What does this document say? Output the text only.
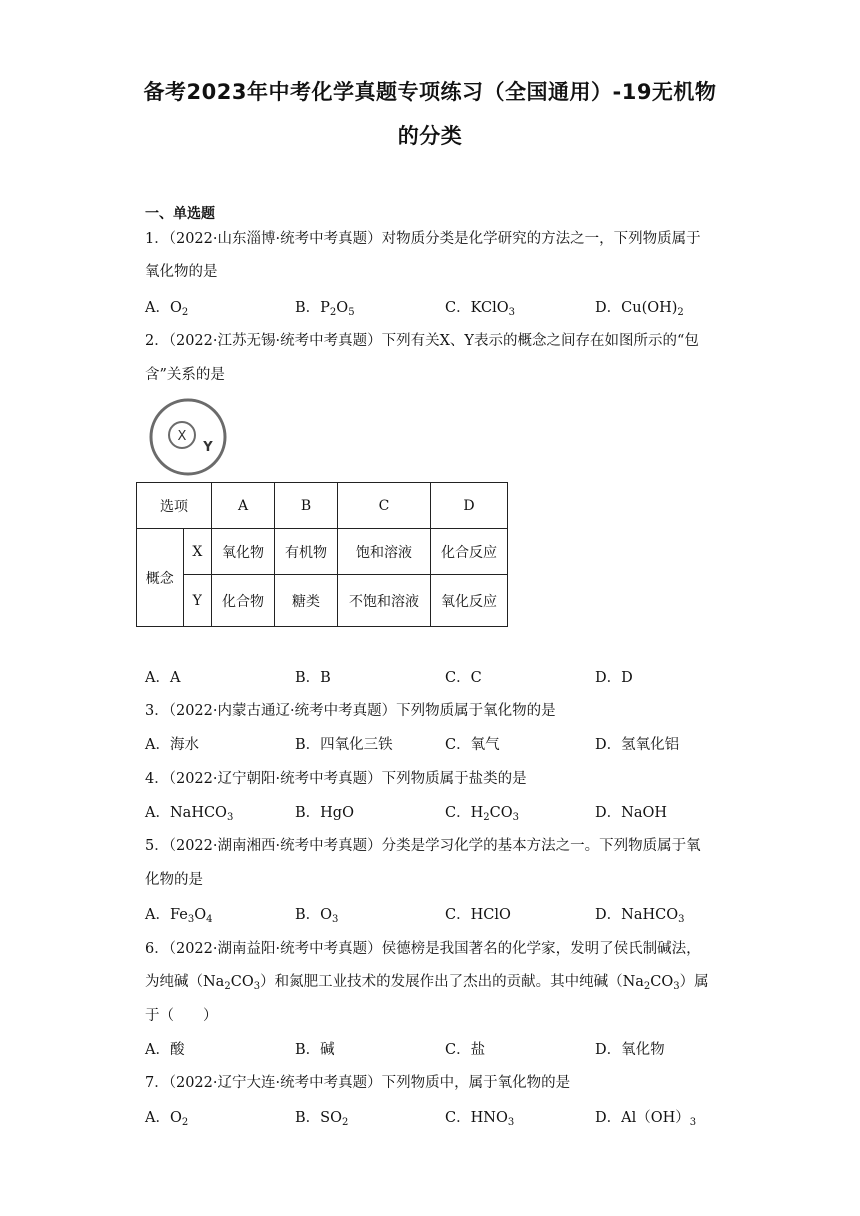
备考2023年中考化学真题专项练习（全国通用）-19无机物
的分类
一、单选题
1．（2022·山东淄博·统考中考真题）对物质分类是化学研究的方法之一，下列物质属于
氧化物的是
A．$O_2$	B．$P_2O_5$	C．KClO$_3$	D．$Cu(OH)_2$
2．（2022·江苏无锡·统考中考真题）下列有关X、Y表示的概念之间存在如图所示的“包
含”关系的是
X
Y
选项		A	B	C	D
概念	X	氧化物	有机物	饱和溶液	化合反应
	Y	化合物	糖类	不饱和溶液	氧化反应
A．A	B．B	C．C	D．D
3．（2022·内蒙古通辽·统考中考真题）下列物质属于氧化物的是
A．海水	B．四氧化三铁	C．氧气	D．氢氧化铝
4．（2022·辽宁朝阳·统考中考真题）下列物质属于盐类的是
A．NaHCO$_3$	B．HgO	C．$H_2CO_3$	D．NaOH
5．（2022·湖南湘西·统考中考真题）分类是学习化学的基本方法之一。下列物质属于氧
化物的是
A．$Fe_3O_4$	B．$O_3$	C．HClO	D．NaHCO$_3$
6．（2022·湖南益阳·统考中考真题）侯德榜是我国著名的化学家，发明了侯氏制碱法，
为纯碱$(Na_2CO_3)$和氮肥工业技术的发展作出了杰出的贡献。其中纯碱$(Na_2CO_3)$属
于（　　）
A．酸	B．碱	C．盐	D．氧化物
7．（2022·辽宁大连·统考中考真题）下列物质中，属于氧化物的是
A．$O_2$	B．$SO_2$	C．$HNO_3$	D．$Al(OH)_3$
